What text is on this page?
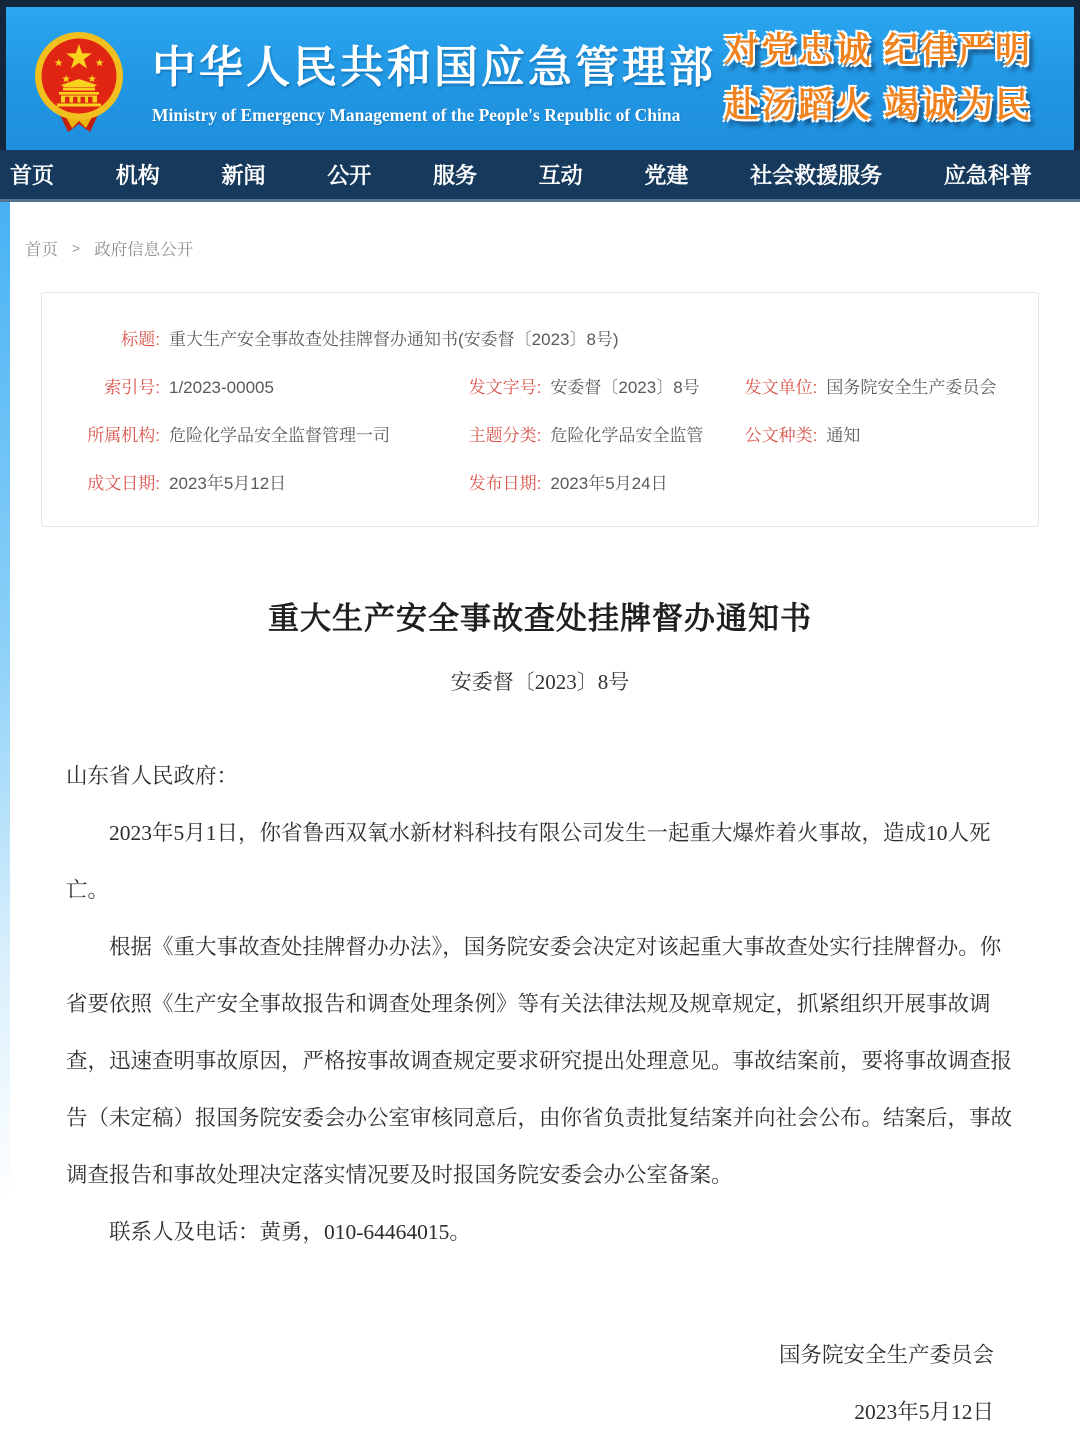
中华人民共和国应急管理部
Ministry of Emergency Management of the People's Republic of China
对党忠诚 纪律严明
赴汤蹈火 竭诚为民
首页	机构	新闻	公开	服务	互动	党建	社会救援服务	应急科普
首页 > 政府信息公开
标题: 重大生产安全事故查处挂牌督办通知书(安委督〔2023〕8号)
索引号: 1/2023-00005	发文字号: 安委督〔2023〕8号	发文单位: 国务院安全生产委员会
所属机构: 危险化学品安全监督管理一司	主题分类: 危险化学品安全监管	公文种类: 通知
成文日期: 2023年5月12日	发布日期: 2023年5月24日
重大生产安全事故查处挂牌督办通知书
安委督〔2023〕8号

山东省人民政府：

2023年5月1日，你省鲁西双氧水新材料科技有限公司发生一起重大爆炸着火事故，造成10人死亡。

根据《重大事故查处挂牌督办办法》，国务院安委会决定对该起重大事故查处实行挂牌督办。你省要依照《生产安全事故报告和调查处理条例》等有关法律法规及规章规定，抓紧组织开展事故调查，迅速查明事故原因，严格按事故调查规定要求研究提出处理意见。事故结案前，要将事故调查报告（未定稿）报国务院安委会办公室审核同意后，由你省负责批复结案并向社会公布。结案后，事故调查报告和事故处理决定落实情况要及时报国务院安委会办公室备案。

联系人及电话：黄勇，010-64464015。

国务院安全生产委员会
2023年5月12日
